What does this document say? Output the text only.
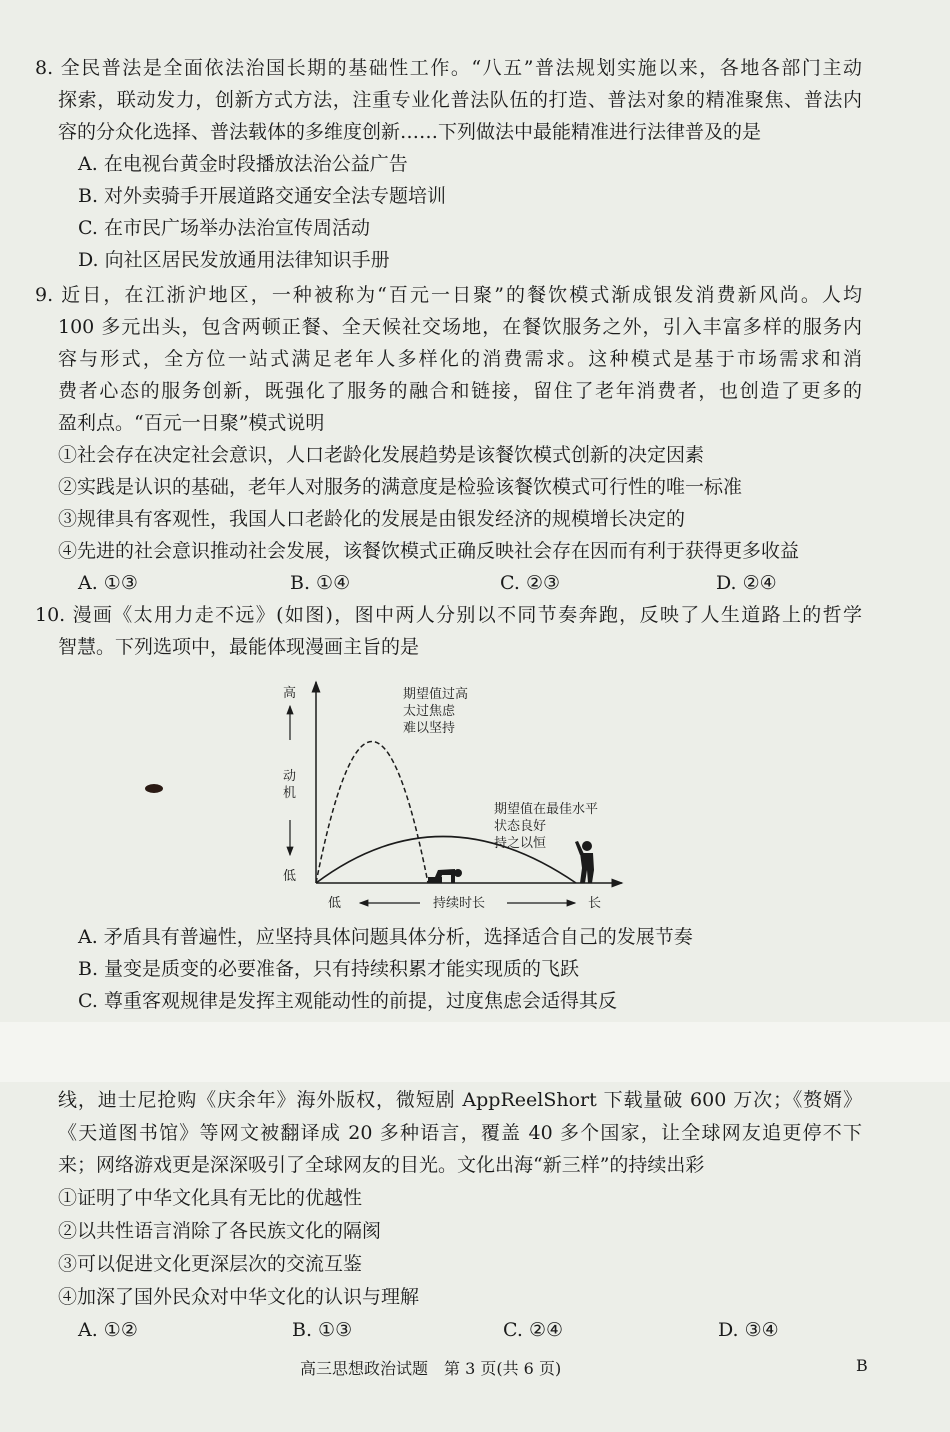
8. 全民普法是全面依法治国长期的基础性工作。“八五”普法规划实施以来，各地各部门主动
探索，联动发力，创新方式方法，注重专业化普法队伍的打造、普法对象的精准聚焦、普法内
容的分众化选择、普法载体的多维度创新……下列做法中最能精准进行法律普及的是
A. 在电视台黄金时段播放法治公益广告
B. 对外卖骑手开展道路交通安全法专题培训
C. 在市民广场举办法治宣传周活动
D. 向社区居民发放通用法律知识手册
9. 近日，在江浙沪地区，一种被称为“百元一日聚”的餐饮模式渐成银发消费新风尚。人均
100 多元出头，包含两顿正餐、全天候社交场地，在餐饮服务之外，引入丰富多样的服务内
容与形式，全方位一站式满足老年人多样化的消费需求。这种模式是基于市场需求和消
费者心态的服务创新，既强化了服务的融合和链接，留住了老年消费者，也创造了更多的
盈利点。“百元一日聚”模式说明
①社会存在决定社会意识，人口老龄化发展趋势是该餐饮模式创新的决定因素
②实践是认识的基础，老年人对服务的满意度是检验该餐饮模式可行性的唯一标准
③规律具有客观性，我国人口老龄化的发展是由银发经济的规模增长决定的
④先进的社会意识推动社会发展，该餐饮模式正确反映社会存在因而有利于获得更多收益
A. ①③	B. ①④	C. ②③	D. ②④
10. 漫画《太用力走不远》(如图)，图中两人分别以不同节奏奔跑，反映了人生道路上的哲学
智慧。下列选项中，最能体现漫画主旨的是
高
动
机
低
低	持续时长	长
期望值过高
太过焦虑
难以坚持
期望值在最佳水平
状态良好
持之以恒
A. 矛盾具有普遍性，应坚持具体问题具体分析，选择适合自己的发展节奏
B. 量变是质变的必要准备，只有持续积累才能实现质的飞跃
C. 尊重客观规律是发挥主观能动性的前提，过度焦虑会适得其反
线，迪士尼抢购《庆余年》海外版权，微短剧 AppReelShort 下载量破 600 万次；《赘婿》
《天道图书馆》等网文被翻译成 20 多种语言，覆盖 40 多个国家，让全球网友追更停不下
来；网络游戏更是深深吸引了全球网友的目光。文化出海“新三样”的持续出彩
①证明了中华文化具有无比的优越性
②以共性语言消除了各民族文化的隔阂
③可以促进文化更深层次的交流互鉴
④加深了国外民众对中华文化的认识与理解
A. ①②	B. ①③	C. ②④	D. ③④
高三思想政治试题　第 3 页(共 6 页)	B
